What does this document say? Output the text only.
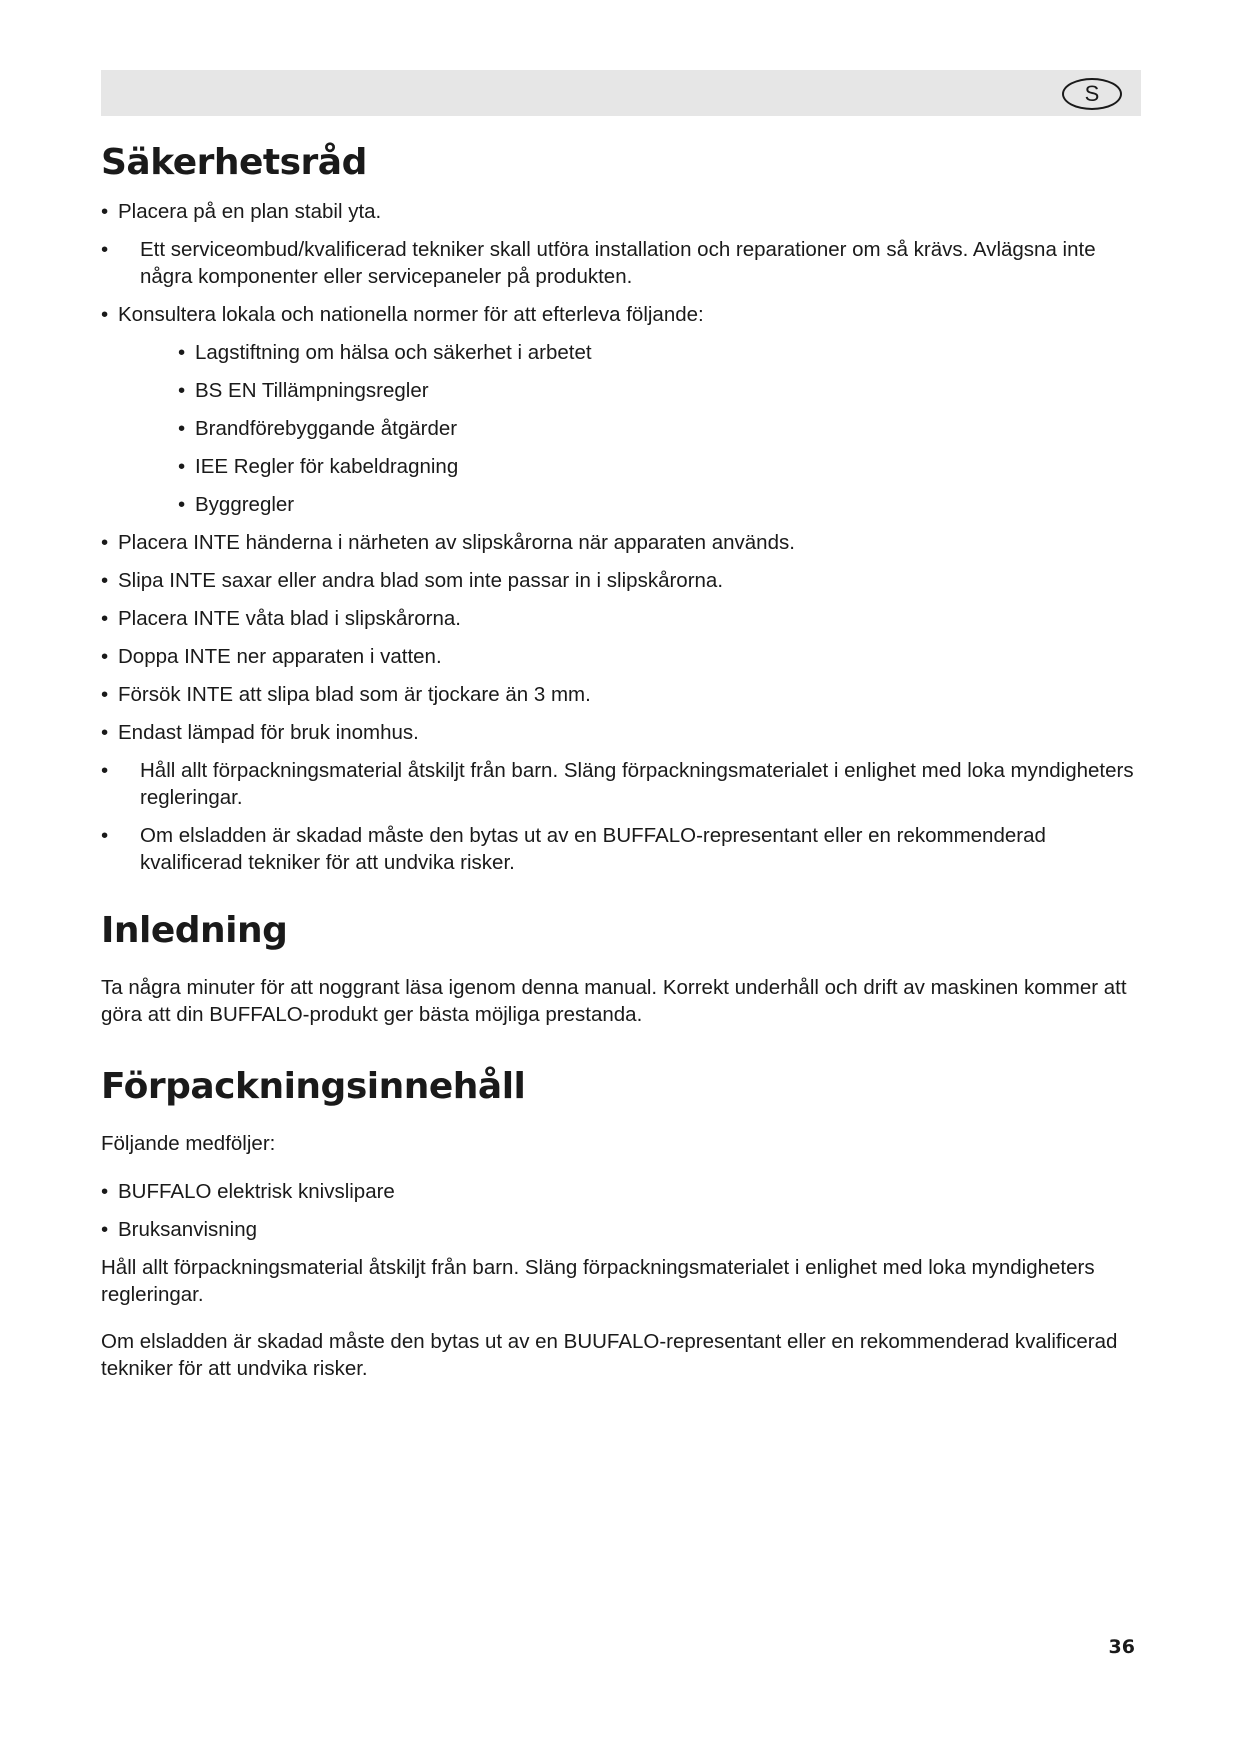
S
Säkerhetsråd
• Placera på en plan stabil yta.
• Ett serviceombud/kvalificerad tekniker skall utföra installation och reparationer om så krävs. Avlägsna inte några komponenter eller servicepaneler på produkten.
• Konsultera lokala och nationella normer för att efterleva följande:
• Lagstiftning om hälsa och säkerhet i arbetet
• BS EN Tillämpningsregler
• Brandförebyggande åtgärder
• IEE Regler för kabeldragning
• Byggregler
• Placera INTE händerna i närheten av slipskårorna när apparaten används.
• Slipa INTE saxar eller andra blad som inte passar in i slipskårorna.
• Placera INTE våta blad i slipskårorna.
• Doppa INTE ner apparaten i vatten.
• Försök INTE att slipa blad som är tjockare än 3 mm.
• Endast lämpad för bruk inomhus.
• Håll allt förpackningsmaterial åtskiljt från barn. Släng förpackningsmaterialet i enlighet med loka myndigheters regleringar.
• Om elsladden är skadad måste den bytas ut av en BUFFALO-representant eller en rekommenderad kvalificerad tekniker för att undvika risker.
Inledning

Ta några minuter för att noggrant läsa igenom denna manual. Korrekt underhåll och drift av maskinen kommer att göra att din BUFFALO-produkt ger bästa möjliga prestanda.

Förpackningsinnehåll

Följande medföljer:

• BUFFALO elektrisk knivslipare
• Bruksanvisning

Håll allt förpackningsmaterial åtskiljt från barn. Släng förpackningsmaterialet i enlighet med loka myndigheters regleringar.

Om elsladden är skadad måste den bytas ut av en BUUFALO-representant eller en rekommenderad kvalificerad tekniker för att undvika risker.

36
